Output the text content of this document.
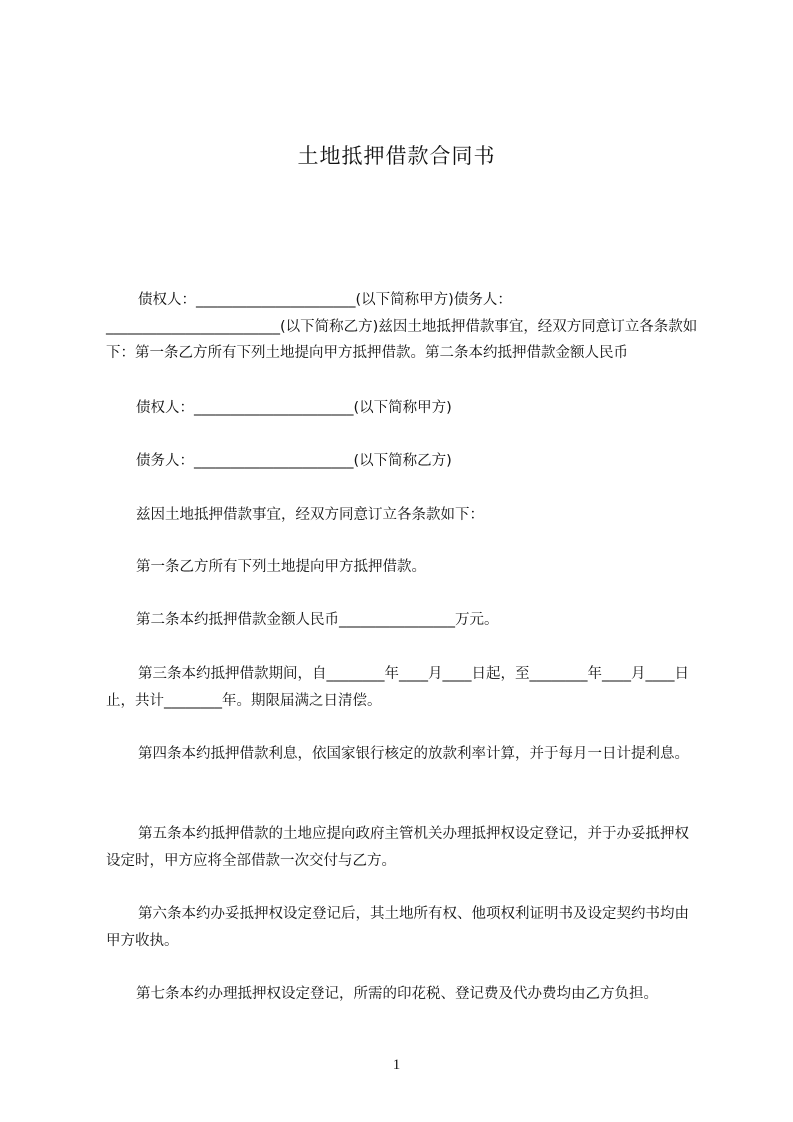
土地抵押借款合同书

债权人：______________________(以下简称甲方)债务人：________________________(以下简称乙方)兹因土地抵押借款事宜，经双方同意订立各条款如下：第一条乙方所有下列土地提向甲方抵押借款。第二条本约抵押借款金额人民币

债权人：______________________(以下简称甲方)

债务人：______________________(以下简称乙方)

兹因土地抵押借款事宜，经双方同意订立各条款如下：

第一条乙方所有下列土地提向甲方抵押借款。

第二条本约抵押借款金额人民币________________万元。

第三条本约抵押借款期间，自________年____月____日起，至________年____月____日止，共计________年。期限届满之日清偿。

第四条本约抵押借款利息，依国家银行核定的放款利率计算，并于每月一日计提利息。

第五条本约抵押借款的土地应提向政府主管机关办理抵押权设定登记，并于办妥抵押权设定时，甲方应将全部借款一次交付与乙方。

第六条本约办妥抵押权设定登记后，其土地所有权、他项权利证明书及设定契约书均由甲方收执。

第七条本约办理抵押权设定登记，所需的印花税、登记费及代办费均由乙方负担。

1
